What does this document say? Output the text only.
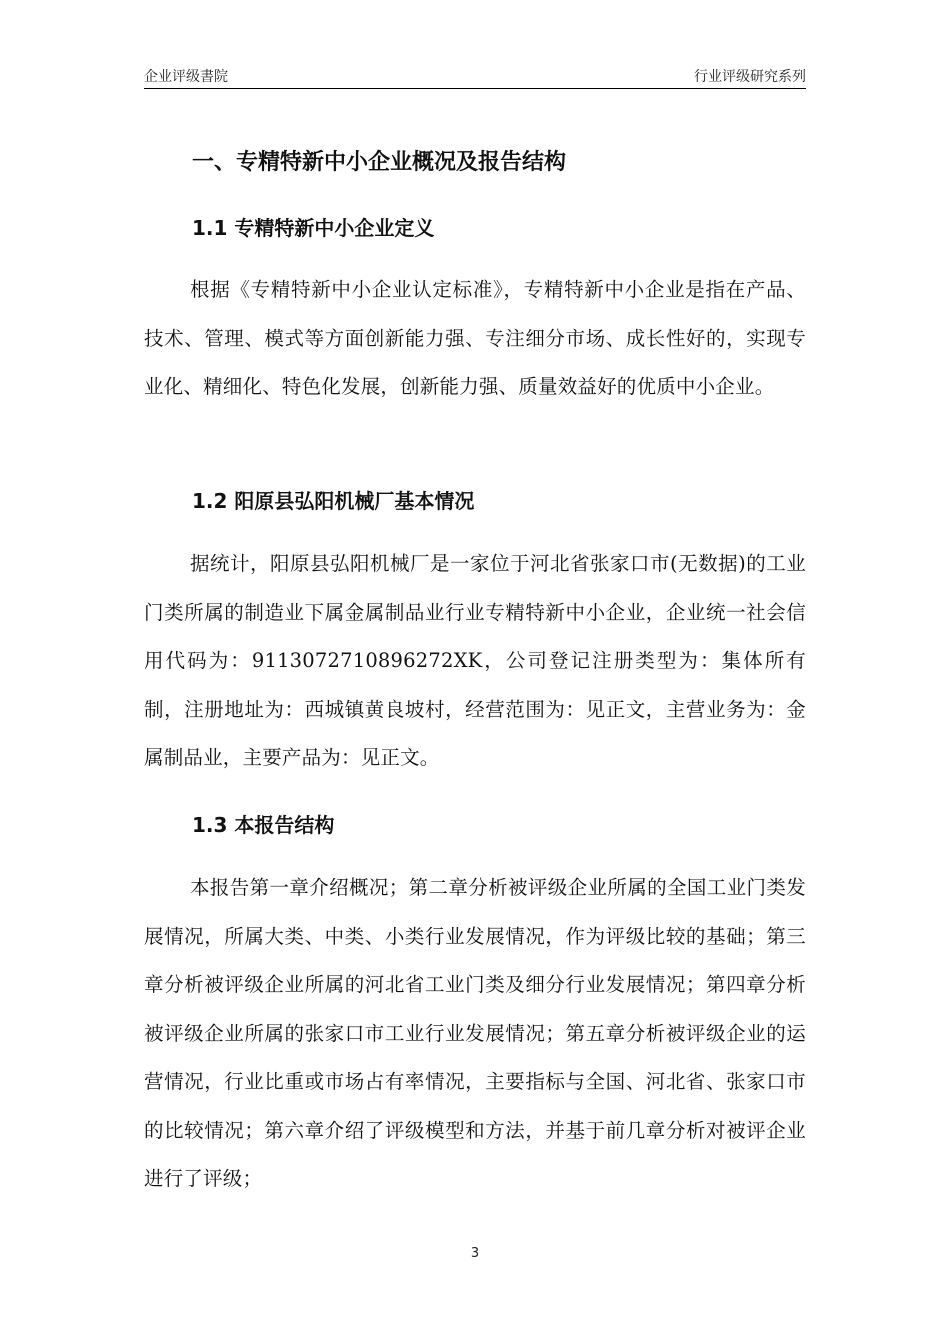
企业评级書院	行业评级研究系列
一、专精特新中小企业概况及报告结构
1.1 专精特新中小企业定义
根据《专精特新中小企业认定标准》，专精特新中小企业是指在产品、技术、管理、模式等方面创新能力强、专注细分市场、成长性好的，实现专业化、精细化、特色化发展，创新能力强、质量效益好的优质中小企业。
1.2 阳原县弘阳机械厂基本情况
据统计，阳原县弘阳机械厂是一家位于河北省张家口市(无数据)的工业门类所属的制造业下属金属制品业行业专精特新中小企业，企业统一社会信用代码为：9113072710896272XK，公司登记注册类型为：集体所有制，注册地址为：西城镇黄良坡村，经营范围为：见正文，主营业务为：金属制品业，主要产品为：见正文。
1.3 本报告结构
本报告第一章介绍概况；第二章分析被评级企业所属的全国工业门类发展情况，所属大类、中类、小类行业发展情况，作为评级比较的基础；第三章分析被评级企业所属的河北省工业门类及细分行业发展情况；第四章分析被评级企业所属的张家口市工业行业发展情况；第五章分析被评级企业的运营情况，行业比重或市场占有率情况，主要指标与全国、河北省、张家口市的比较情况；第六章介绍了评级模型和方法，并基于前几章分析对被评企业进行了评级；
3
